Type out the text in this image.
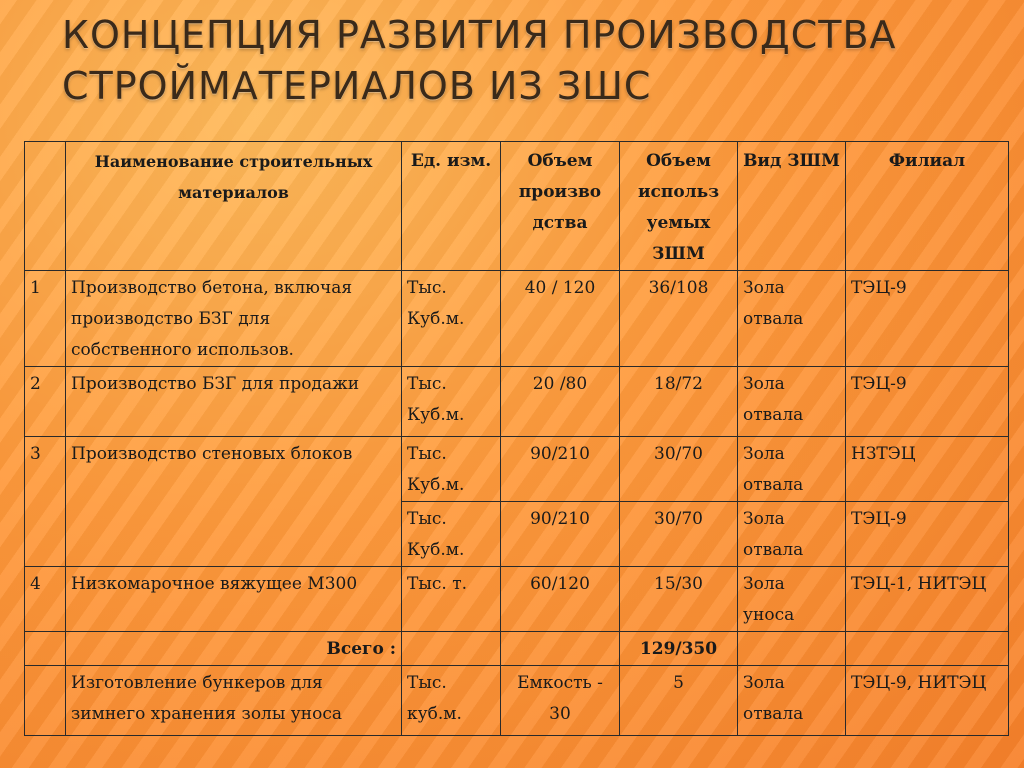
КОНЦЕПЦИЯ РАЗВИТИЯ ПРОИЗВОДСТВА
СТРОЙМАТЕРИАЛОВ ИЗ ЗШС
	Наименование строительных материалов	Ед. изм.	Объем произво дства	Объем использ уемых ЗШМ	Вид ЗШМ	Филиал
1	Производство бетона, включая производство БЗГ для собственного использов.	Тыс. Куб.м.	40 / 120	36/108	Зола отвала	ТЭЦ-9
2	Производство БЗГ для продажи	Тыс. Куб.м.	20 /80	18/72	Зола отвала	ТЭЦ-9
3	Производство стеновых блоков	Тыс. Куб.м.	90/210	30/70	Зола отвала	НЗТЭЦ
		Тыс. Куб.м.	90/210	30/70	Зола отвала	ТЭЦ-9
4	Низкомарочное вяжущее М300	Тыс. т.	60/120	15/30	Зола уноса	ТЭЦ-1, НИТЭЦ
	Всего :			129/350		
	Изготовление бункеров для зимнего хранения золы уноса	Тыс. куб.м.	Емкость - 30	5	Зола отвала	ТЭЦ-9, НИТЭЦ
